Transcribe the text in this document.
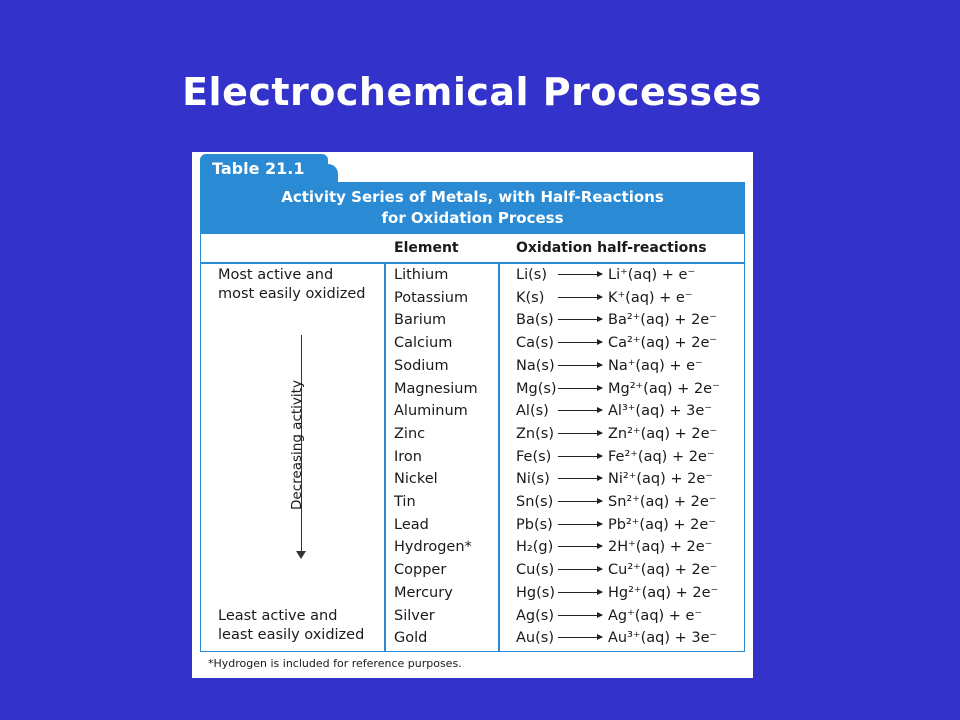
Electrochemical Processes
Table 21.1
Activity Series of Metals, with Half-Reactions
for Oxidation Process
Element	Oxidation half-reactions
Most active and
most easily oxidized
Decreasing activity
Least active and
least easily oxidized
Lithium	Li(s) → Li⁺(aq) + e⁻
Potassium	K(s) → K⁺(aq) + e⁻
Barium	Ba(s) → Ba²⁺(aq) + 2e⁻
Calcium	Ca(s) → Ca²⁺(aq) + 2e⁻
Sodium	Na(s) → Na⁺(aq) + e⁻
Magnesium	Mg(s) → Mg²⁺(aq) + 2e⁻
Aluminum	Al(s) → Al³⁺(aq) + 3e⁻
Zinc	Zn(s) → Zn²⁺(aq) + 2e⁻
Iron	Fe(s) → Fe²⁺(aq) + 2e⁻
Nickel	Ni(s) → Ni²⁺(aq) + 2e⁻
Tin	Sn(s) → Sn²⁺(aq) + 2e⁻
Lead	Pb(s) → Pb²⁺(aq) + 2e⁻
Hydrogen*	H₂(g) → 2H⁺(aq) + 2e⁻
Copper	Cu(s) → Cu²⁺(aq) + 2e⁻
Mercury	Hg(s) → Hg²⁺(aq) + 2e⁻
Silver	Ag(s) → Ag⁺(aq) + e⁻
Gold	Au(s) → Au³⁺(aq) + 3e⁻
*Hydrogen is included for reference purposes.
